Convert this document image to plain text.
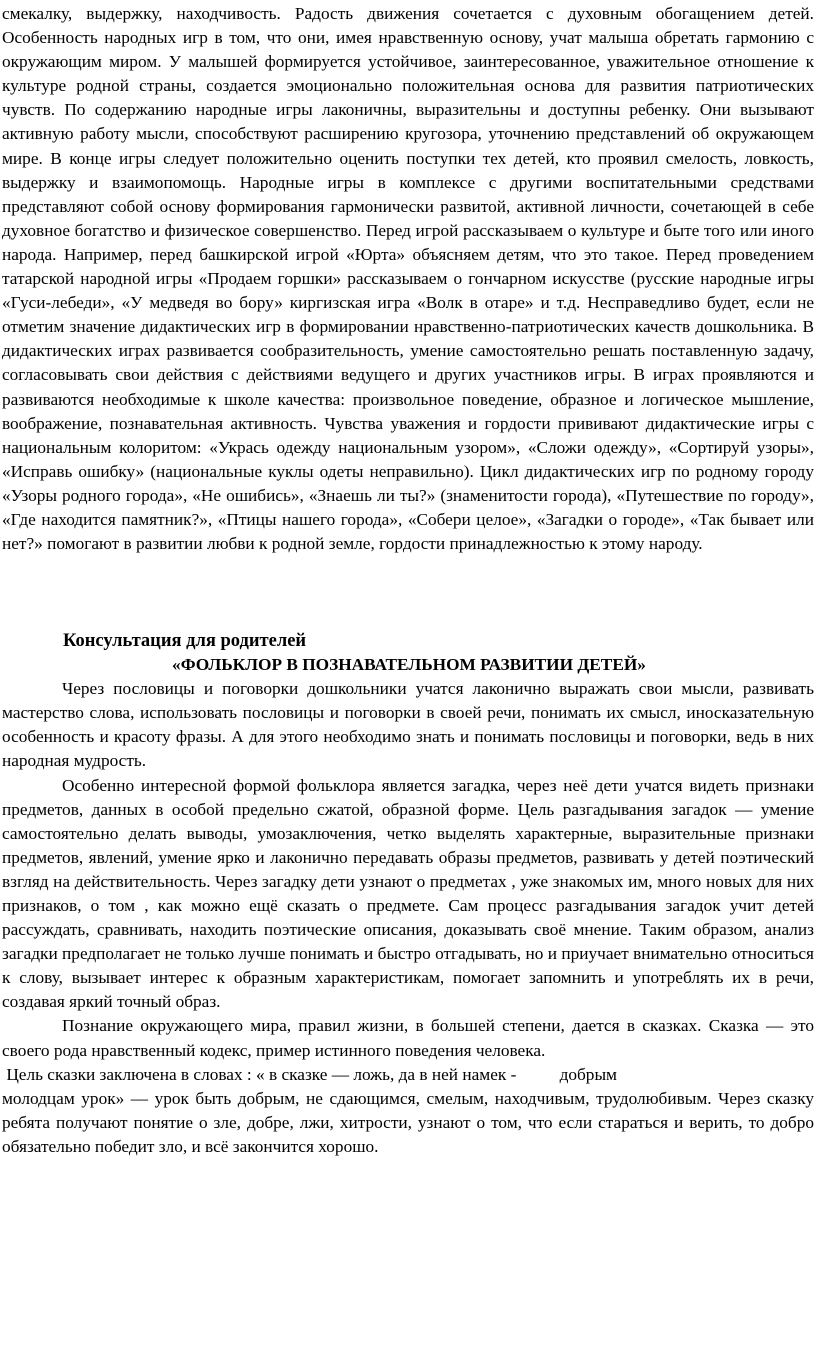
смекалку, выдержку, находчивость. Радость движения сочетается с духовным обогащением детей. Особенность народных игр в том, что они, имея нравственную основу, учат малыша обретать гармонию с окружающим миром. У малышей формируется устойчивое, заинтересованное, уважительное отношение к культуре родной страны, создается эмоционально положительная основа для развития патриотических чувств. По содержанию народные игры лаконичны, выразительны и доступны ребенку. Они вызывают активную работу мысли, способствуют расширению кругозора, уточнению представлений об окружающем мире. В конце игры следует положительно оценить поступки тех детей, кто проявил смелость, ловкость, выдержку и взаимопомощь. Народные игры в комплексе с другими воспитательными средствами представляют собой основу формирования гармонически развитой, активной личности, сочетающей в себе духовное богатство и физическое совершенство. Перед игрой рассказываем о культуре и быте того или иного народа. Например, перед башкирской игрой «Юрта» объясняем детям, что это такое. Перед проведением татарской народной игры «Продаем горшки» рассказываем о гончарном искусстве (русские народные игры «Гуси-лебеди», «У медведя во бору» киргизская игра «Волк в отаре» и т.д. Несправедливо будет, если не отметим значение дидактических игр в формировании нравственно-патриотических качеств дошкольника. В дидактических играх развивается сообразительность, умение самостоятельно решать поставленную задачу, согласовывать свои действия с действиями ведущего и других участников игры. В играх проявляются и развиваются необходимые к школе качества: произвольное поведение, образное и логическое мышление, воображение, познавательная активность. Чувства уважения и гордости прививают дидактические игры с национальным колоритом: «Укрась одежду национальным узором», «Сложи одежду», «Сортируй узоры», «Исправь ошибку» (национальные куклы одеты неправильно). Цикл дидактических игр по родному городу «Узоры родного города», «Не ошибись», «Знаешь ли ты?» (знаменитости города), «Путешествие по городу», «Где находится памятник?», «Птицы нашего города», «Собери целое», «Загадки о городе», «Так бывает или нет?» помогают в развитии любви к родной земле, гордости принадлежностью к этому народу.

Консультация для родителей

«ФОЛЬКЛОР В ПОЗНАВАТЕЛЬНОМ РАЗВИТИИ ДЕТЕЙ»

Через пословицы и поговорки дошкольники учатся лаконично выражать свои мысли, развивать мастерство слова, использовать пословицы и поговорки в своей речи, понимать их смысл, иносказательную особенность и красоту фразы. А для этого необходимо знать и понимать пословицы и поговорки, ведь в них народная мудрость.

Особенно интересной формой фольклора является загадка, через неё дети учатся видеть признаки предметов, данных в особой предельно сжатой, образной форме. Цель разгадывания загадок — умение самостоятельно делать выводы, умозаключения, четко выделять характерные, выразительные признаки предметов, явлений, умение ярко и лаконично передавать образы предметов, развивать у детей поэтический взгляд на действительность. Через загадку дети узнают о предметах , уже знакомых им, много новых для них признаков, о том , как можно ещё сказать о предмете. Сам процесс разгадывания загадок учит детей рассуждать, сравнивать, находить поэтические описания, доказывать своё мнение. Таким образом, анализ загадки предполагает не только лучше понимать и быстро отгадывать, но и приучает внимательно относиться к слову, вызывает интерес к образным характеристикам, помогает запомнить и употреблять их в речи, создавая яркий точный образ.

Познание окружающего мира, правил жизни, в большей степени, дается в сказках. Сказка — это своего рода нравственный кодекс, пример истинного поведения человека.

Цель сказки заключена в словах : « в сказке — ложь, да в ней намек -          добрым

молодцам урок» — урок быть добрым, не сдающимся, смелым, находчивым, трудолюбивым. Через сказку ребята получают понятие о зле, добре, лжи, хитрости, узнают о том, что если стараться и верить, то добро обязательно победит зло, и всё закончится хорошо.
